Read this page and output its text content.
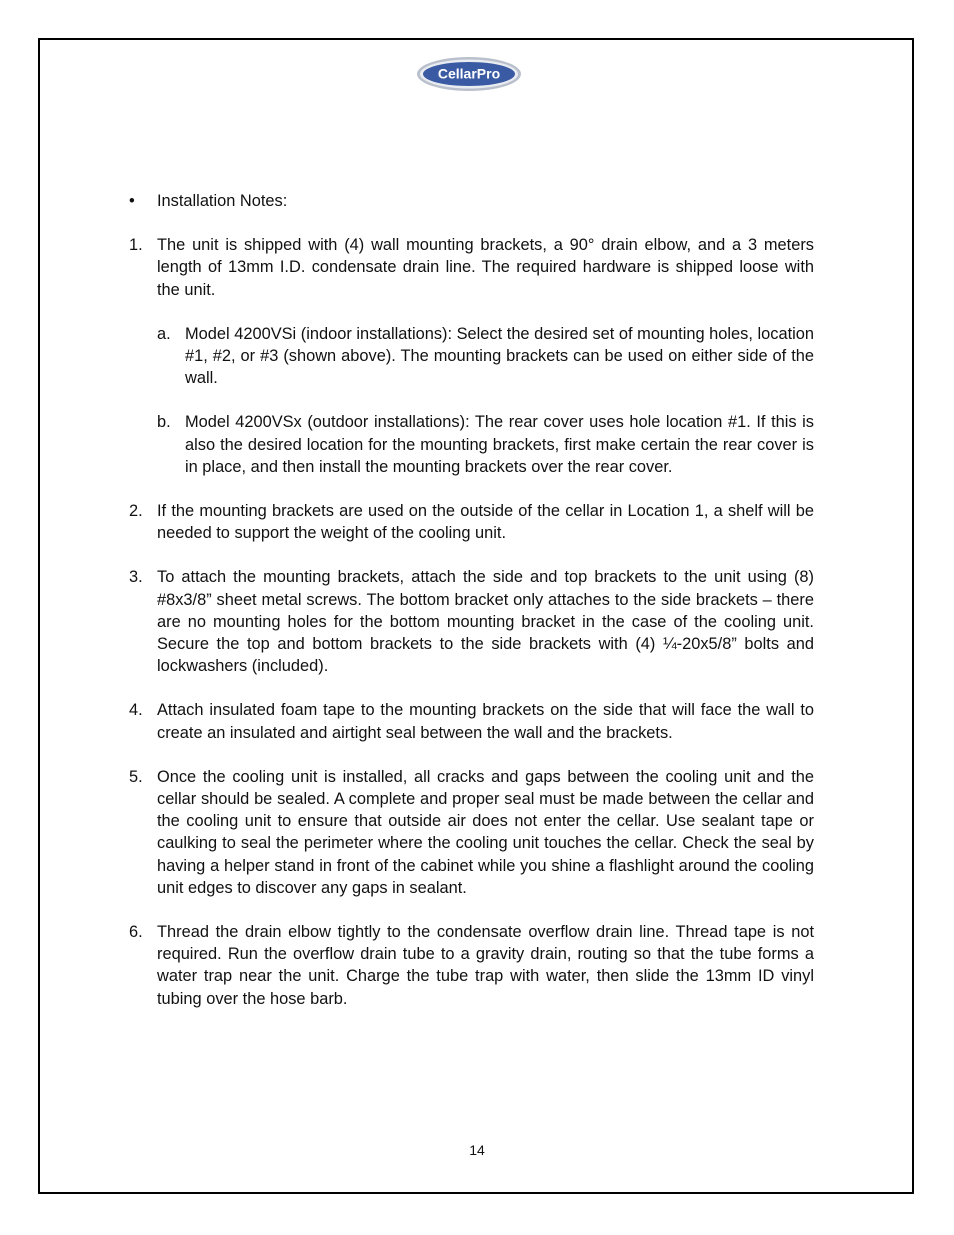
CellarPro
•	Installation Notes:
1. The unit is shipped with (4) wall mounting brackets, a 90° drain elbow, and a 3 meters length of 13mm I.D. condensate drain line. The required hardware is shipped loose with the unit.

a. Model 4200VSi (indoor installations): Select the desired set of mounting holes, location #1, #2, or #3 (shown above). The mounting brackets can be used on either side of the wall.

b. Model 4200VSx (outdoor installations): The rear cover uses hole location #1. If this is also the desired location for the mounting brackets, first make certain the rear cover is in place, and then install the mounting brackets over the rear cover.

2. If the mounting brackets are used on the outside of the cellar in Location 1, a shelf will be needed to support the weight of the cooling unit.

3. To attach the mounting brackets, attach the side and top brackets to the unit using (8) #8x3/8” sheet metal screws. The bottom bracket only attaches to the side brackets – there are no mounting holes for the bottom mounting bracket in the case of the cooling unit. Secure the top and bottom brackets to the side brackets with (4) ¼-20x5/8” bolts and lockwashers (included).

4. Attach insulated foam tape to the mounting brackets on the side that will face the wall to create an insulated and airtight seal between the wall and the brackets.

5. Once the cooling unit is installed, all cracks and gaps between the cooling unit and the cellar should be sealed. A complete and proper seal must be made between the cellar and the cooling unit to ensure that outside air does not enter the cellar. Use sealant tape or caulking to seal the perimeter where the cooling unit touches the cellar. Check the seal by having a helper stand in front of the cabinet while you shine a flashlight around the cooling unit edges to discover any gaps in sealant.

6. Thread the drain elbow tightly to the condensate overflow drain line. Thread tape is not required. Run the overflow drain tube to a gravity drain, routing so that the tube forms a water trap near the unit. Charge the tube trap with water, then slide the 13mm ID vinyl tubing over the hose barb.

14
